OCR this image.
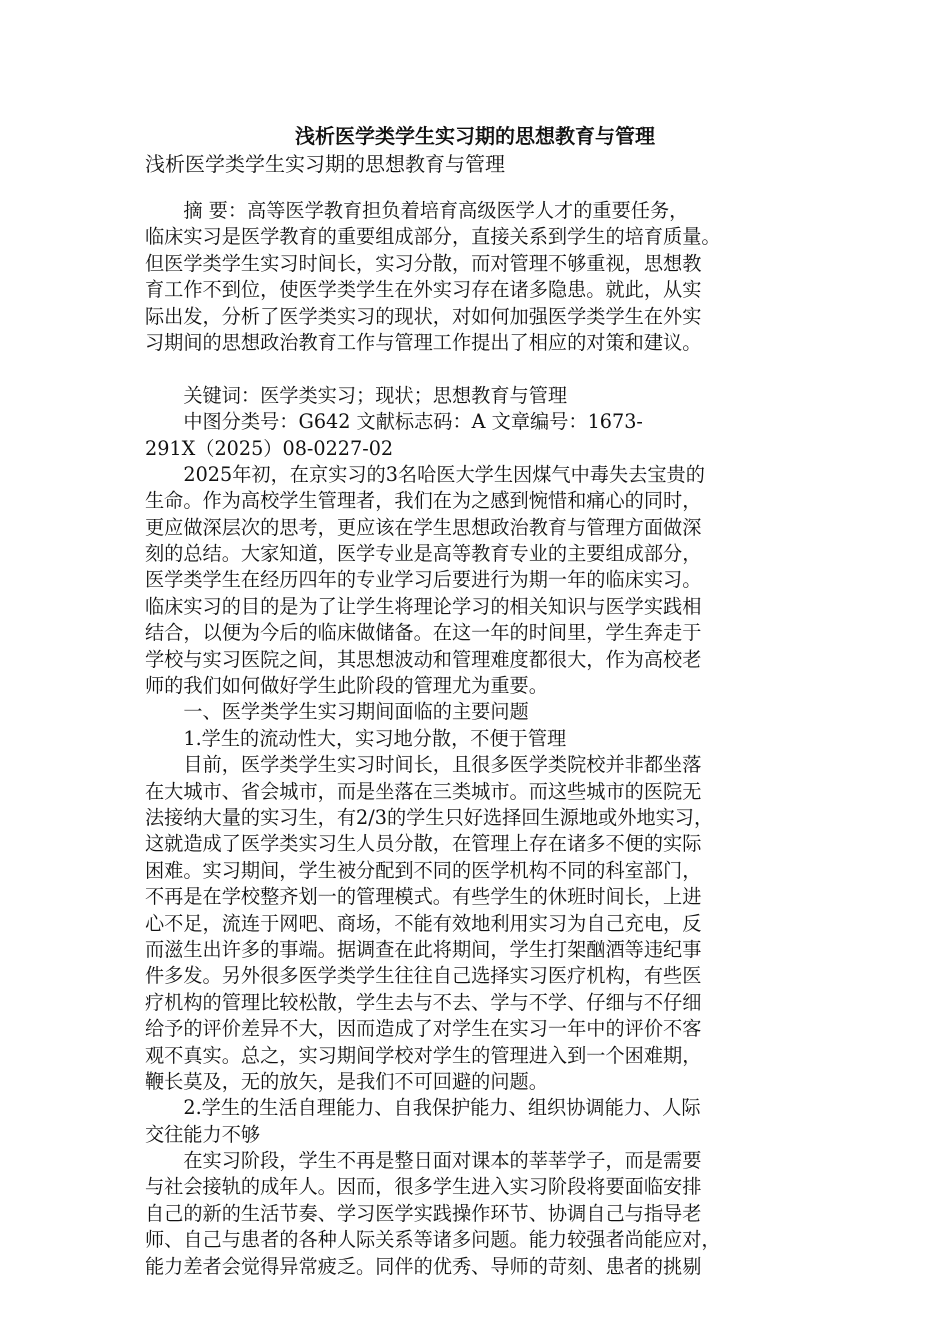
浅析医学类学生实习期的思想教育与管理
浅析医学类学生实习期的思想教育与管理
　　摘 要：高等医学教育担负着培育高级医学人才的重要任务，
临床实习是医学教育的重要组成部分，直接关系到学生的培育质量。
但医学类学生实习时间长，实习分散，而对管理不够重视，思想教
育工作不到位，使医学类学生在外实习存在诸多隐患。就此，从实
际出发，分析了医学类实习的现状，对如何加强医学类学生在外实
习期间的思想政治教育工作与管理工作提出了相应的对策和建议。
　　关键词：医学类实习；现状；思想教育与管理
　　中图分类号：G642 文献标志码：A 文章编号：1673-
291X（2025）08-0227-02
　　2025年初，在京实习的3名哈医大学生因煤气中毒失去宝贵的
生命。作为高校学生管理者，我们在为之感到惋惜和痛心的同时，
更应做深层次的思考，更应该在学生思想政治教育与管理方面做深
刻的总结。大家知道，医学专业是高等教育专业的主要组成部分，
医学类学生在经历四年的专业学习后要进行为期一年的临床实习。
临床实习的目的是为了让学生将理论学习的相关知识与医学实践相
结合，以便为今后的临床做储备。在这一年的时间里，学生奔走于
学校与实习医院之间，其思想波动和管理难度都很大，作为高校老
师的我们如何做好学生此阶段的管理尤为重要。
　　一、医学类学生实习期间面临的主要问题
　　1.学生的流动性大，实习地分散，不便于管理
　　目前，医学类学生实习时间长，且很多医学类院校并非都坐落
在大城市、省会城市，而是坐落在三类城市。而这些城市的医院无
法接纳大量的实习生，有2/3的学生只好选择回生源地或外地实习，
这就造成了医学类实习生人员分散，在管理上存在诸多不便的实际
困难。实习期间，学生被分配到不同的医学机构不同的科室部门，
不再是在学校整齐划一的管理模式。有些学生的休班时间长，上进
心不足，流连于网吧、商场，不能有效地利用实习为自己充电，反
而滋生出许多的事端。据调查在此将期间，学生打架酗酒等违纪事
件多发。另外很多医学类学生往往自己选择实习医疗机构，有些医
疗机构的管理比较松散，学生去与不去、学与不学、仔细与不仔细
给予的评价差异不大，因而造成了对学生在实习一年中的评价不客
观不真实。总之，实习期间学校对学生的管理进入到一个困难期，
鞭长莫及，无的放矢，是我们不可回避的问题。
　　2.学生的生活自理能力、自我保护能力、组织协调能力、人际
交往能力不够
　　在实习阶段，学生不再是整日面对课本的莘莘学子，而是需要
与社会接轨的成年人。因而，很多学生进入实习阶段将要面临安排
自己的新的生活节奏、学习医学实践操作环节、协调自己与指导老
师、自己与患者的各种人际关系等诸多问题。能力较强者尚能应对，
能力差者会觉得异常疲乏。同伴的优秀、导师的苛刻、患者的挑剔
